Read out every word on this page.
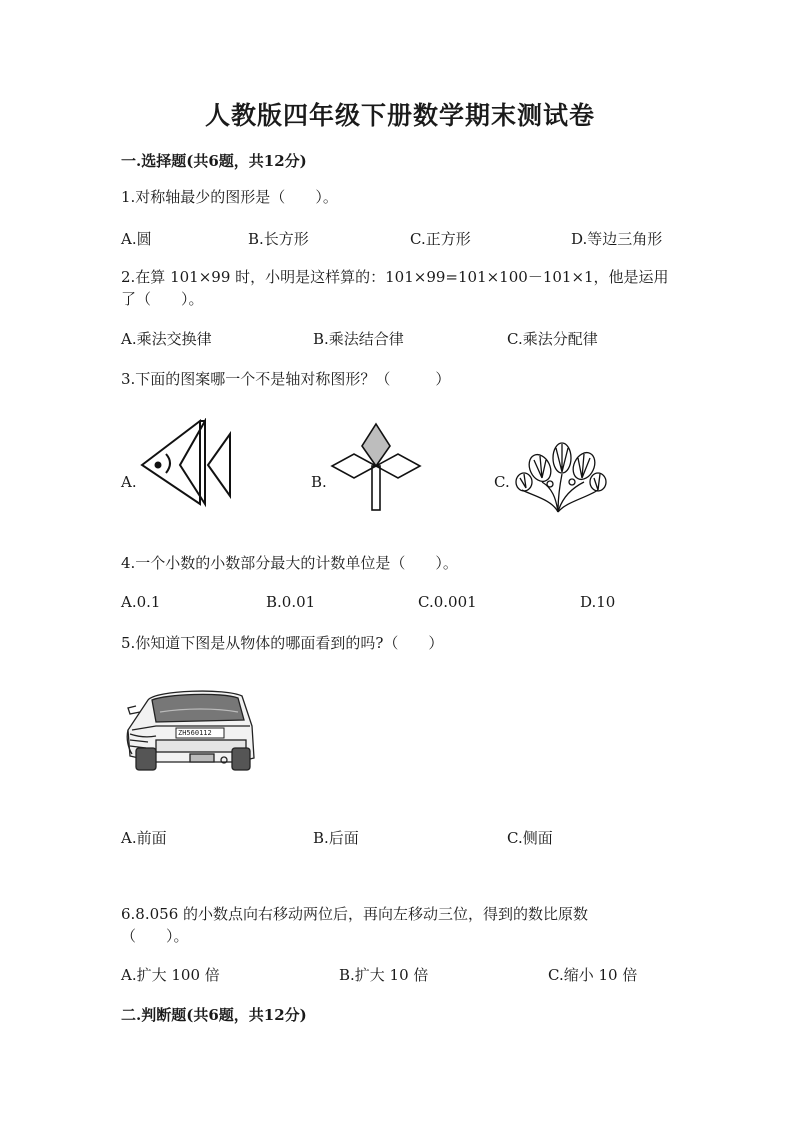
人教版四年级下册数学期末测试卷
一.选择题(共6题，共12分)
1.对称轴最少的图形是（　　）。
A.圆	B.长方形	C.正方形	D.等边三角形
2.在算 101×99 时，小明是这样算的：101×99=101×100－101×1，他是运用
了（　　）。
A.乘法交换律	B.乘法结合律	C.乘法分配律
3.下面的图案哪一个不是轴对称图形？（　　　）
A.	B.	C.
4.一个小数的小数部分最大的计数单位是（　　）。
A.0.1	B.0.01	C.0.001	D.10
5.你知道下图是从物体的哪面看到的吗?（　　）
ZH560112
A.前面	B.后面	C.侧面
6.8.056 的小数点向右移动两位后，再向左移动三位，得到的数比原数
（　　）。
A.扩大 100 倍	B.扩大 10 倍	C.缩小 10 倍
二.判断题(共6题，共12分)
